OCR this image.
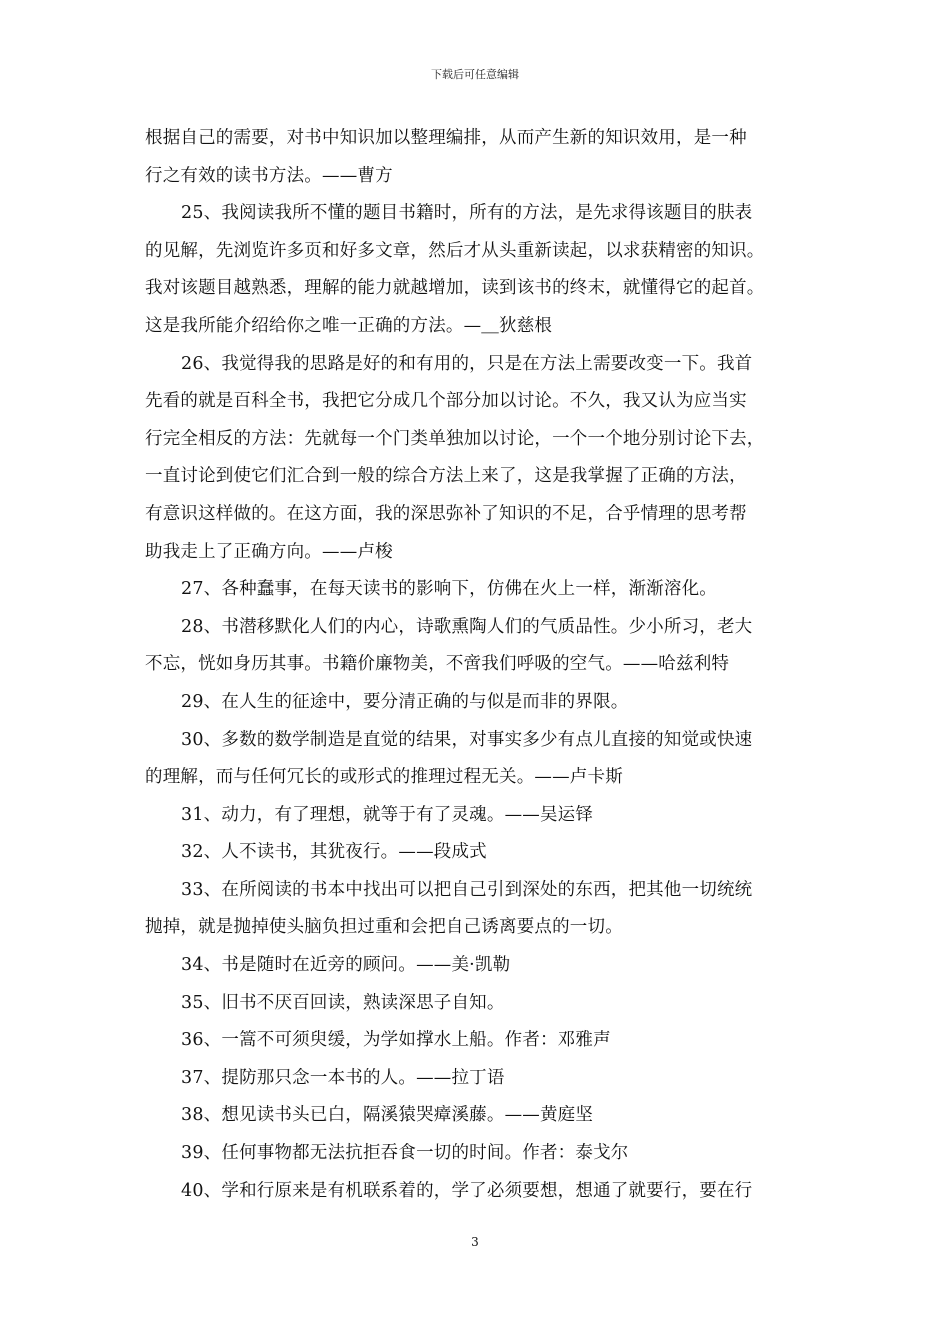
下载后可任意编辑
根据自己的需要，对书中知识加以整理编排，从而产生新的知识效用，是一种
行之有效的读书方法。——曹方
25、我阅读我所不懂的题目书籍时，所有的方法，是先求得该题目的肤表
的见解，先浏览许多页和好多文章，然后才从头重新读起，以求获精密的知识。
我对该题目越熟悉，理解的能力就越增加，读到该书的终末，就懂得它的起首。
这是我所能介绍给你之唯一正确的方法。—＿狄慈根
26、我觉得我的思路是好的和有用的，只是在方法上需要改变一下。我首
先看的就是百科全书，我把它分成几个部分加以讨论。不久，我又认为应当实
行完全相反的方法：先就每一个门类单独加以讨论，一个一个地分别讨论下去，
一直讨论到使它们汇合到一般的综合方法上来了，这是我掌握了正确的方法，
有意识这样做的。在这方面，我的深思弥补了知识的不足，合乎情理的思考帮
助我走上了正确方向。——卢梭
27、各种蠢事，在每天读书的影响下，仿佛在火上一样，渐渐溶化。
28、书潜移默化人们的内心，诗歌熏陶人们的气质品性。少小所习，老大
不忘，恍如身历其事。书籍价廉物美，不啻我们呼吸的空气。——哈兹利特
29、在人生的征途中，要分清正确的与似是而非的界限。
30、多数的数学制造是直觉的结果，对事实多少有点儿直接的知觉或快速
的理解，而与任何冗长的或形式的推理过程无关。——卢卡斯
31、动力，有了理想，就等于有了灵魂。——吴运铎
32、人不读书，其犹夜行。——段成式
33、在所阅读的书本中找出可以把自己引到深处的东西，把其他一切统统
抛掉，就是抛掉使头脑负担过重和会把自己诱离要点的一切。
34、书是随时在近旁的顾问。——美·凯勒
35、旧书不厌百回读，熟读深思子自知。
36、一篙不可须臾缓，为学如撑水上船。作者：邓雅声
37、提防那只念一本书的人。——拉丁语
38、想见读书头已白，隔溪猿哭瘴溪藤。——黄庭坚
39、任何事物都无法抗拒吞食一切的时间。作者：泰戈尔
40、学和行原来是有机联系着的，学了必须要想，想通了就要行，要在行
3
